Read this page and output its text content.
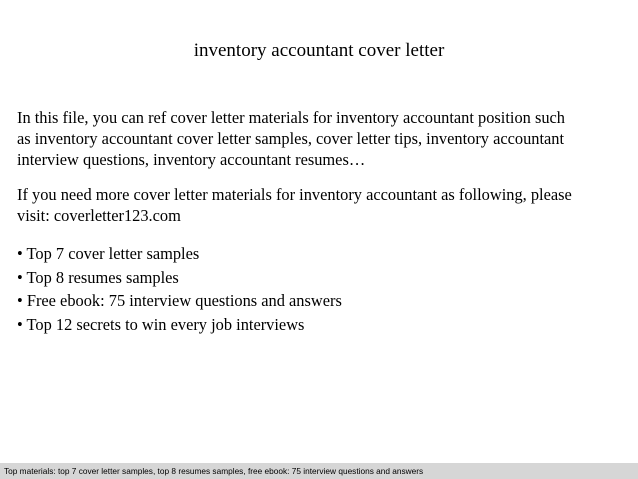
inventory accountant cover letter

In this file, you can ref cover letter materials for inventory accountant position such
as inventory accountant cover letter samples, cover letter tips, inventory accountant
interview questions, inventory accountant resumes…

If you need more cover letter materials for inventory accountant as following, please
visit: coverletter123.com

• Top 7 cover letter samples
• Top 8 resumes samples
• Free ebook: 75 interview questions and answers
• Top 12 secrets to win every job interviews
Top materials: top 7 cover letter samples, top 8 resumes samples, free ebook: 75 interview questions and answers
